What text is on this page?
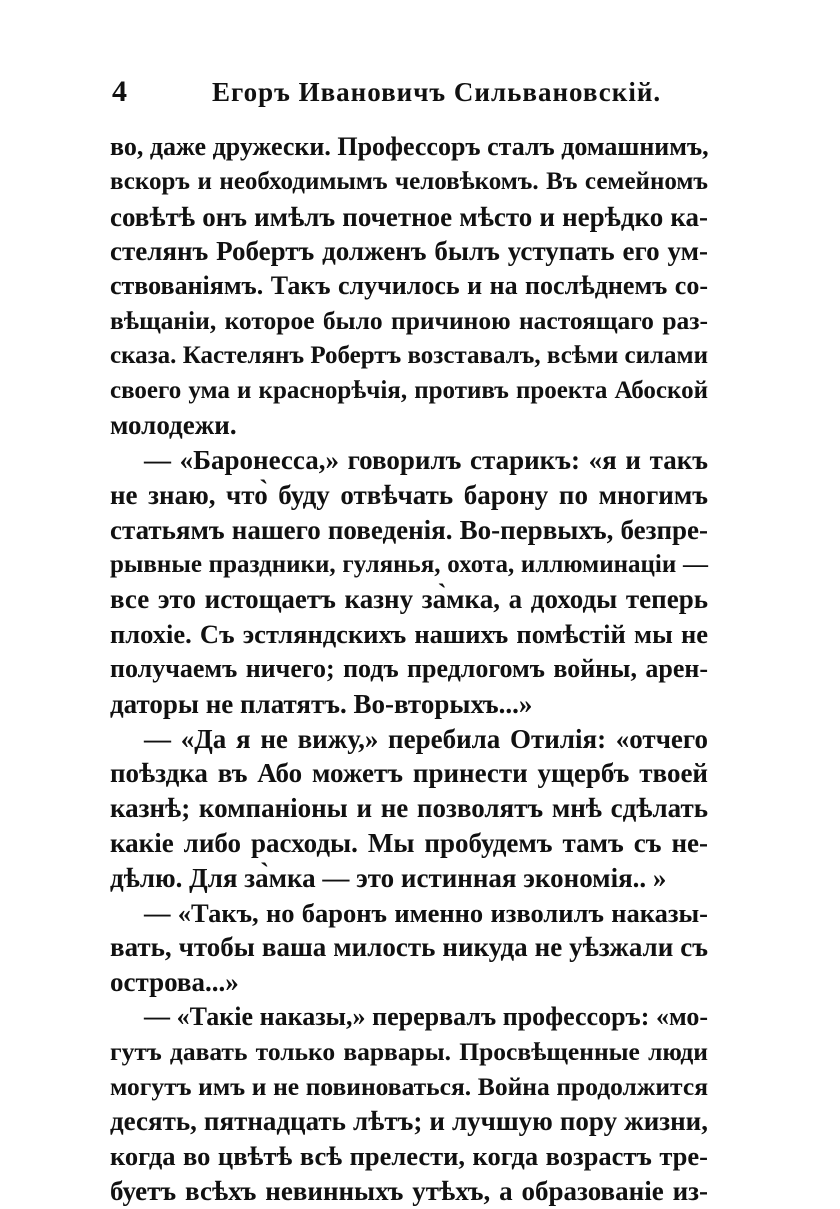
4	Егоръ Ивановичъ Сильвановскій.
во, даже дружески. Профессоръ сталъ домашнимъ,
вскоръ и необходимымъ человѣкомъ. Въ семейномъ
совѣтѣ онъ имѣлъ почетное мѣсто и нерѣдко ка-
стелянъ Робертъ долженъ былъ уступать его ум-
ствованіямъ. Такъ случилось и на послѣднемъ со-
вѣщаніи, которое было причиною настоящаго раз-
сказа. Кастелянъ Робертъ возставалъ, всѣми силами
своего ума и краснорѣчія, противъ проекта Абоской
молодежи.
— «Баронесса,» говорилъ старикъ: «я и такъ
не знаю, что̀ буду отвѣчать барону по многимъ
статьямъ нашего поведенія. Во-первыхъ, безпре-
рывные праздники, гулянья, охота, иллюминаціи —
все это истощаетъ казну за̀мка, а доходы теперь
плохіе. Съ эстляндскихъ нашихъ помѣстій мы не
получаемъ ничего; подъ предлогомъ войны, арен-
даторы не платятъ. Во-вторыхъ...»
— «Да я не вижу,» перебила Отилія: «отчего
поѣздка въ Або можетъ принести ущербъ твоей
казнѣ; компаніоны и не позволятъ мнѣ сдѣлать
какіе либо расходы. Мы пробудемъ тамъ съ не-
дѣлю. Для за̀мка — это истинная экономія.. »
— «Такъ, но баронъ именно изволилъ наказы-
вать, чтобы ваша милость никуда не уѣзжали съ
острова...»
— «Такіе наказы,» перервалъ профессоръ: «мо-
гутъ давать только варвары. Просвѣщенные люди
могутъ имъ и не повиноваться. Война продолжится
десять, пятнадцать лѣтъ; и лучшую пору жизни,
когда во цвѣтѣ всѣ прелести, когда возрастъ тре-
буетъ всѣхъ невинныхъ утѣхъ, а образованіе из-
